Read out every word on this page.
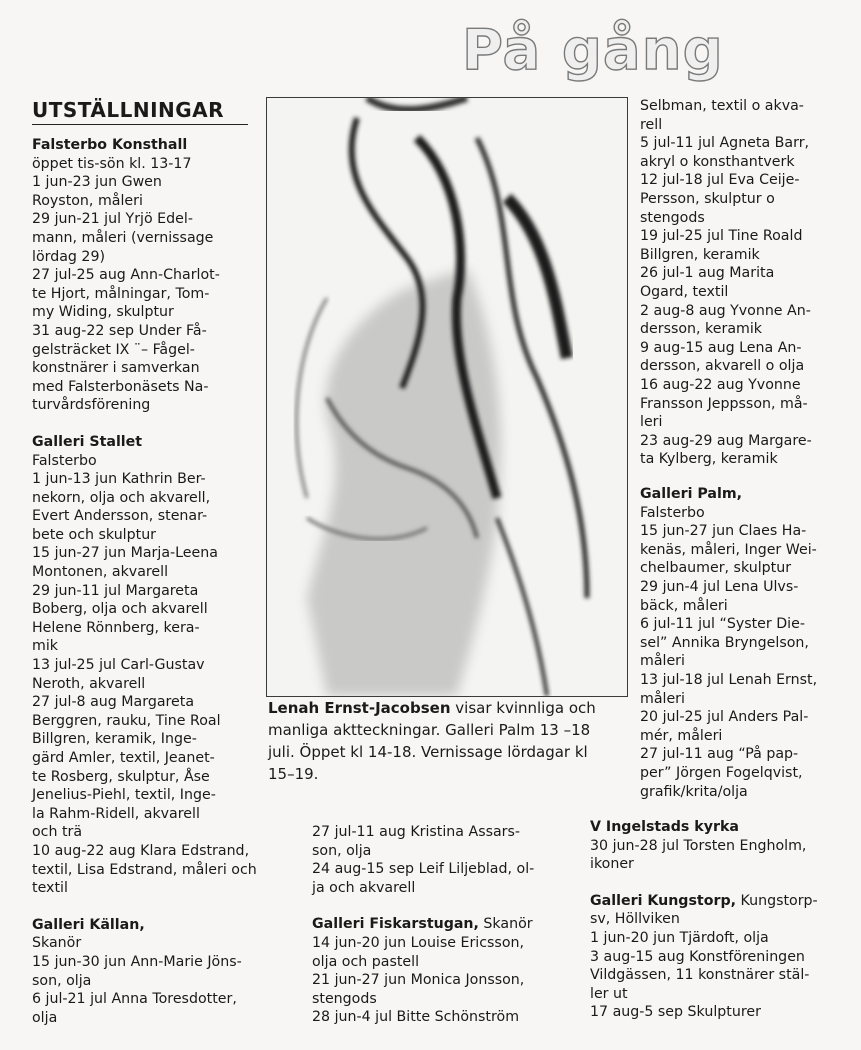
På gång
UTSTÄLLNINGAR

Falsterbo Konsthall

öppet tis-sön kl. 13-17

1 jun-23 jun Gwen

Royston, måleri

29 jun-21 jul Yrjö Edel-

mann, måleri (vernissage

lördag 29)

27 jul-25 aug Ann-Charlot-

te Hjort, målningar, Tom-

my Widing, skulptur

31 aug-22 sep Under Få-

gelsträcket IX ¨– Fågel-

konstnärer i samverkan

med Falsterbonäsets Na-

turvårdsförening

Galleri Stallet

Falsterbo

1 jun-13 jun Kathrin Ber-

nekorn, olja och akvarell,

Evert Andersson, stenar-

bete och skulptur

15 jun-27 jun Marja-Leena

Montonen, akvarell

29 jun-11 jul Margareta

Boberg, olja och akvarell

Helene Rönnberg, kera-

mik

13 jul-25 jul Carl-Gustav

Neroth, akvarell

27 jul-8 aug Margareta

Berggren, rauku, Tine Roal

Billgren, keramik, Inge-

gärd Amler, textil, Jeanet-

te Rosberg, skulptur, Åse

Jenelius-Piehl, textil, Inge-

la Rahm-Ridell, akvarell

och trä

10 aug-22 aug Klara Edstrand,

textil, Lisa Edstrand, måleri och

textil

Galleri Källan,

Skanör

15 jun-30 jun Ann-Marie Jöns-

son, olja

6 jul-21 jul Anna Toresdotter,

olja

Lenah Ernst-Jacobsen visar kvinnliga och manliga aktteckningar. Galleri Palm 13 –18 juli. Öppet kl 14-18. Vernissage lördagar kl 15–19.

Selbman, textil o akva-

rell

5 jul-11 jul Agneta Barr,

akryl o konsthantverk

12 jul-18 jul Eva Ceije-

Persson, skulptur o

stengods

19 jul-25 jul Tine Roald

Billgren, keramik

26 jul-1 aug Marita

Ogard, textil

2 aug-8 aug Yvonne An-

dersson, keramik

9 aug-15 aug Lena An-

dersson, akvarell o olja

16 aug-22 aug Yvonne

Fransson Jeppsson, må-

leri

23 aug-29 aug Margare-

ta Kylberg, keramik

Galleri Palm,

Falsterbo

15 jun-27 jun Claes Ha-

kenäs, måleri, Inger Wei-

chelbaumer, skulptur

29 jun-4 jul Lena Ulvs-

bäck, måleri

6 jul-11 jul “Syster Die-

sel” Annika Bryngelson,

måleri

13 jul-18 jul Lenah Ernst,

måleri

20 jul-25 jul Anders Pal-

mér, måleri

27 jul-11 aug “På pap-

per” Jörgen Fogelqvist,

grafik/krita/olja

27 jul-11 aug Kristina Assars-

son, olja

24 aug-15 sep Leif Liljeblad, ol-

ja och akvarell

Galleri Fiskarstugan, Skanör

14 jun-20 jun Louise Ericsson,

olja och pastell

21 jun-27 jun Monica Jonsson,

stengods

28 jun-4 jul Bitte Schönström

V Ingelstads kyrka

30 jun-28 jul Torsten Engholm,

ikoner

Galleri Kungstorp, Kungstorp-

sv, Höllviken

1 jun-20 jun Tjärdoft, olja

3 aug-15 aug Konstföreningen

Vildgässen, 11 konstnärer stäl-

ler ut

17 aug-5 sep Skulpturer
